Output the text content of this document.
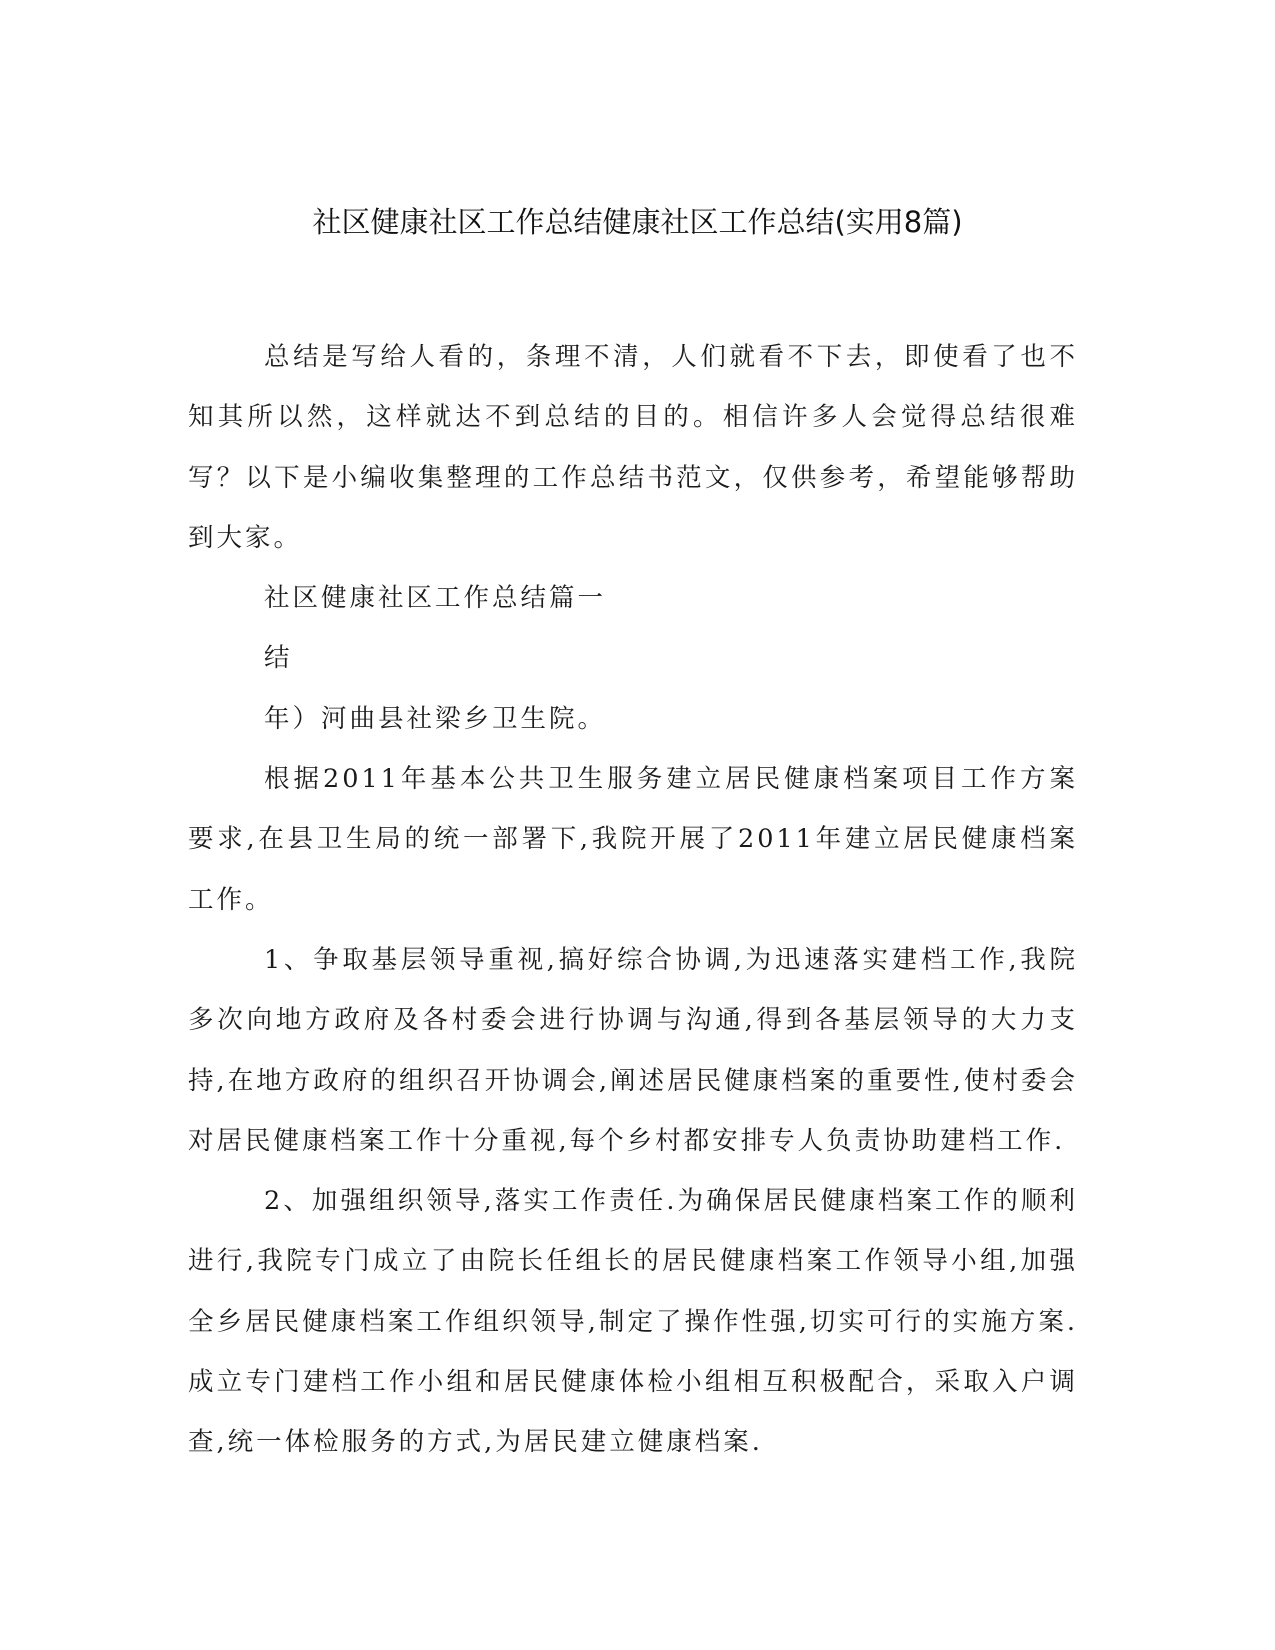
社区健康社区工作总结健康社区工作总结(实用8篇)

总结是写给人看的，条理不清，人们就看不下去，即使看了也不知其所以然，这样就达不到总结的目的。相信许多人会觉得总结很难写？以下是小编收集整理的工作总结书范文，仅供参考，希望能够帮助到大家。

社区健康社区工作总结篇一

结

年）河曲县社梁乡卫生院。

根据2011年基本公共卫生服务建立居民健康档案项目工作方案要求,在县卫生局的统一部署下,我院开展了2011年建立居民健康档案工作。

1、争取基层领导重视,搞好综合协调,为迅速落实建档工作,我院多次向地方政府及各村委会进行协调与沟通,得到各基层领导的大力支持,在地方政府的组织召开协调会,阐述居民健康档案的重要性,使村委会对居民健康档案工作十分重视,每个乡村都安排专人负责协助建档工作.

2、加强组织领导,落实工作责任.为确保居民健康档案工作的顺利进行,我院专门成立了由院长任组长的居民健康档案工作领导小组,加强全乡居民健康档案工作组织领导,制定了操作性强,切实可行的实施方案.成立专门建档工作小组和居民健康体检小组相互积极配合，采取入户调查,统一体检服务的方式,为居民建立健康档案.
